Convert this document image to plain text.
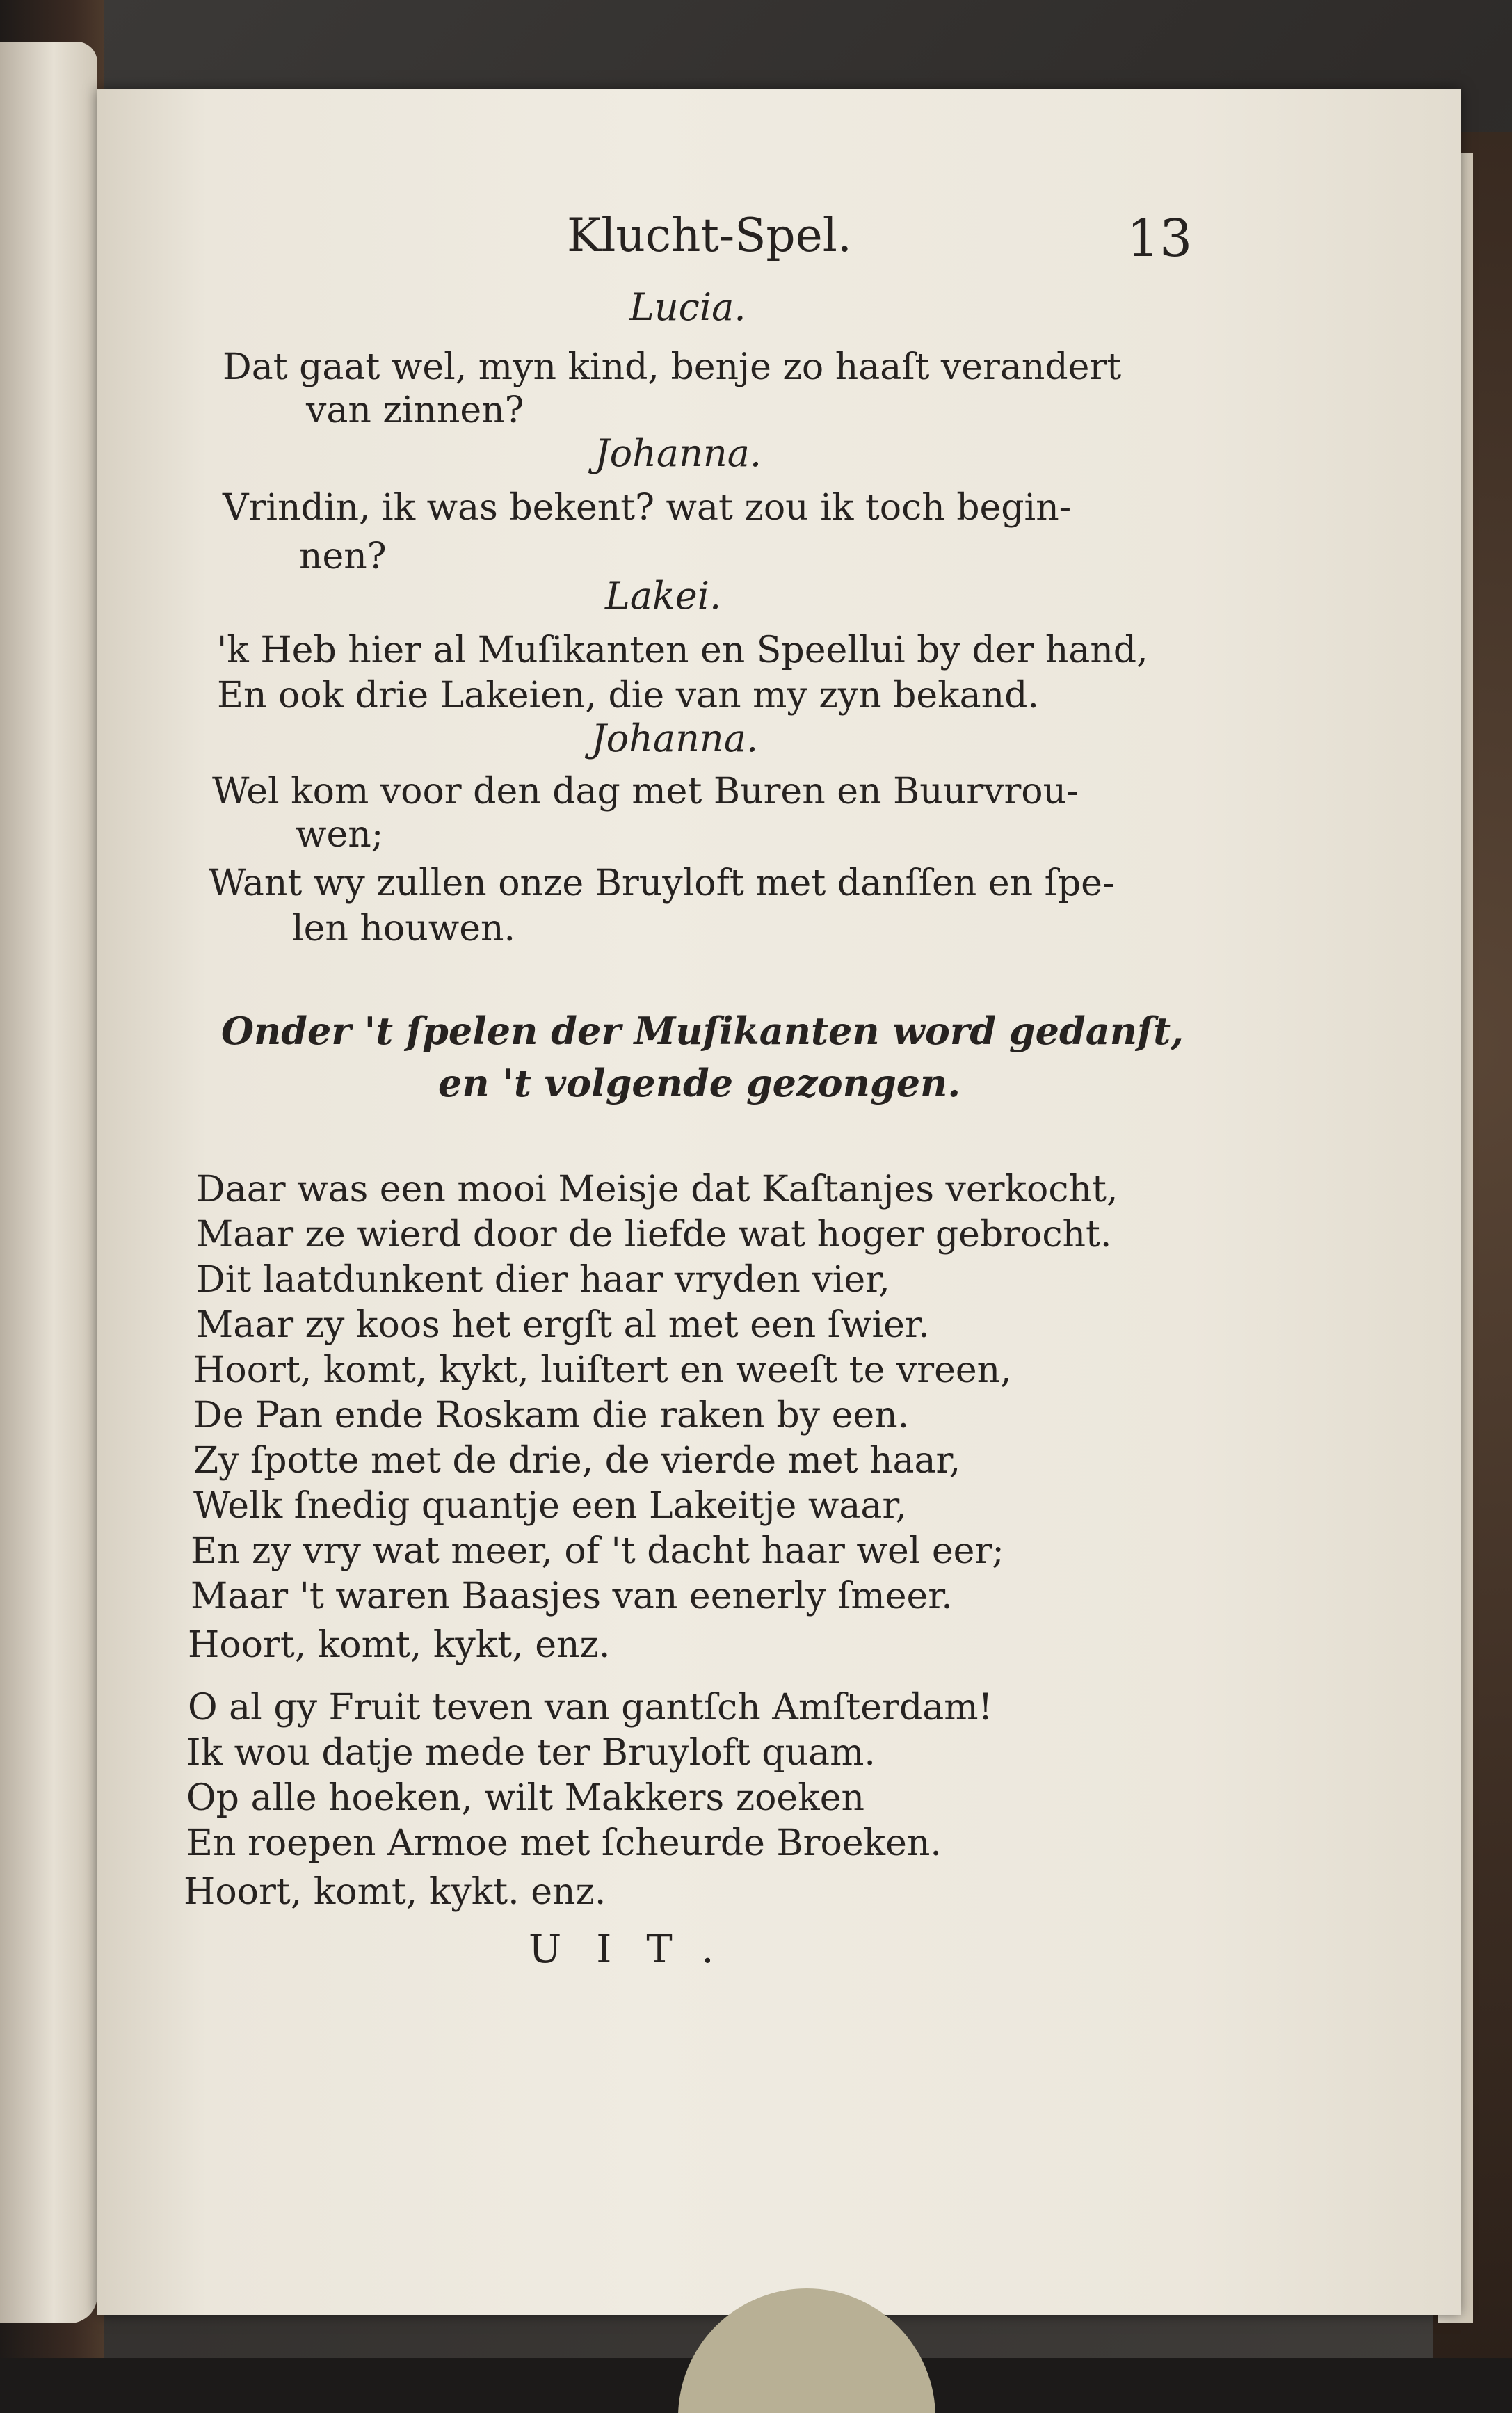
Klucht-Spel.	13
Lucia.
Dat gaat wel, myn kind, benje zo haaſt verandert
van zinnen?
Johanna.
Vrindin, ik was bekent? wat zou ik toch begin-
nen?
Lakei.
'k Heb hier al Muſikanten en Speellui by der hand,
En ook drie Lakeien, die van my zyn bekand.
Johanna.
Wel kom voor den dag met Buren en Buurvrou-
wen;
Want wy zullen onze Bruyloft met danſſen en ſpe-
len houwen.
Onder 't ſpelen der Muſikanten word gedanſt,
en 't volgende gezongen.
Daar was een mooi Meisje dat Kaſtanjes verkocht,
Maar ze wierd door de liefde wat hoger gebrocht.
Dit laatdunkent dier haar vryden vier,
Maar zy koos het ergſt al met een ſwier.
Hoort, komt, kykt, luiſtert en weeſt te vreen,
De Pan ende Roskam die raken by een.
Zy ſpotte met de drie, de vierde met haar,
Welk ſnedig quantje een Lakeitje waar,
En zy vry wat meer, of 't dacht haar wel eer;
Maar 't waren Baasjes van eenerly ſmeer.
Hoort, komt, kykt, enz.
O al gy Fruit teven van gantſch Amſterdam!
Ik wou datje mede ter Bruyloft quam.
Op alle hoeken, wilt Makkers zoeken
En roepen Armoe met ſcheurde Broeken.
Hoort, komt, kykt. enz.
UIT.
